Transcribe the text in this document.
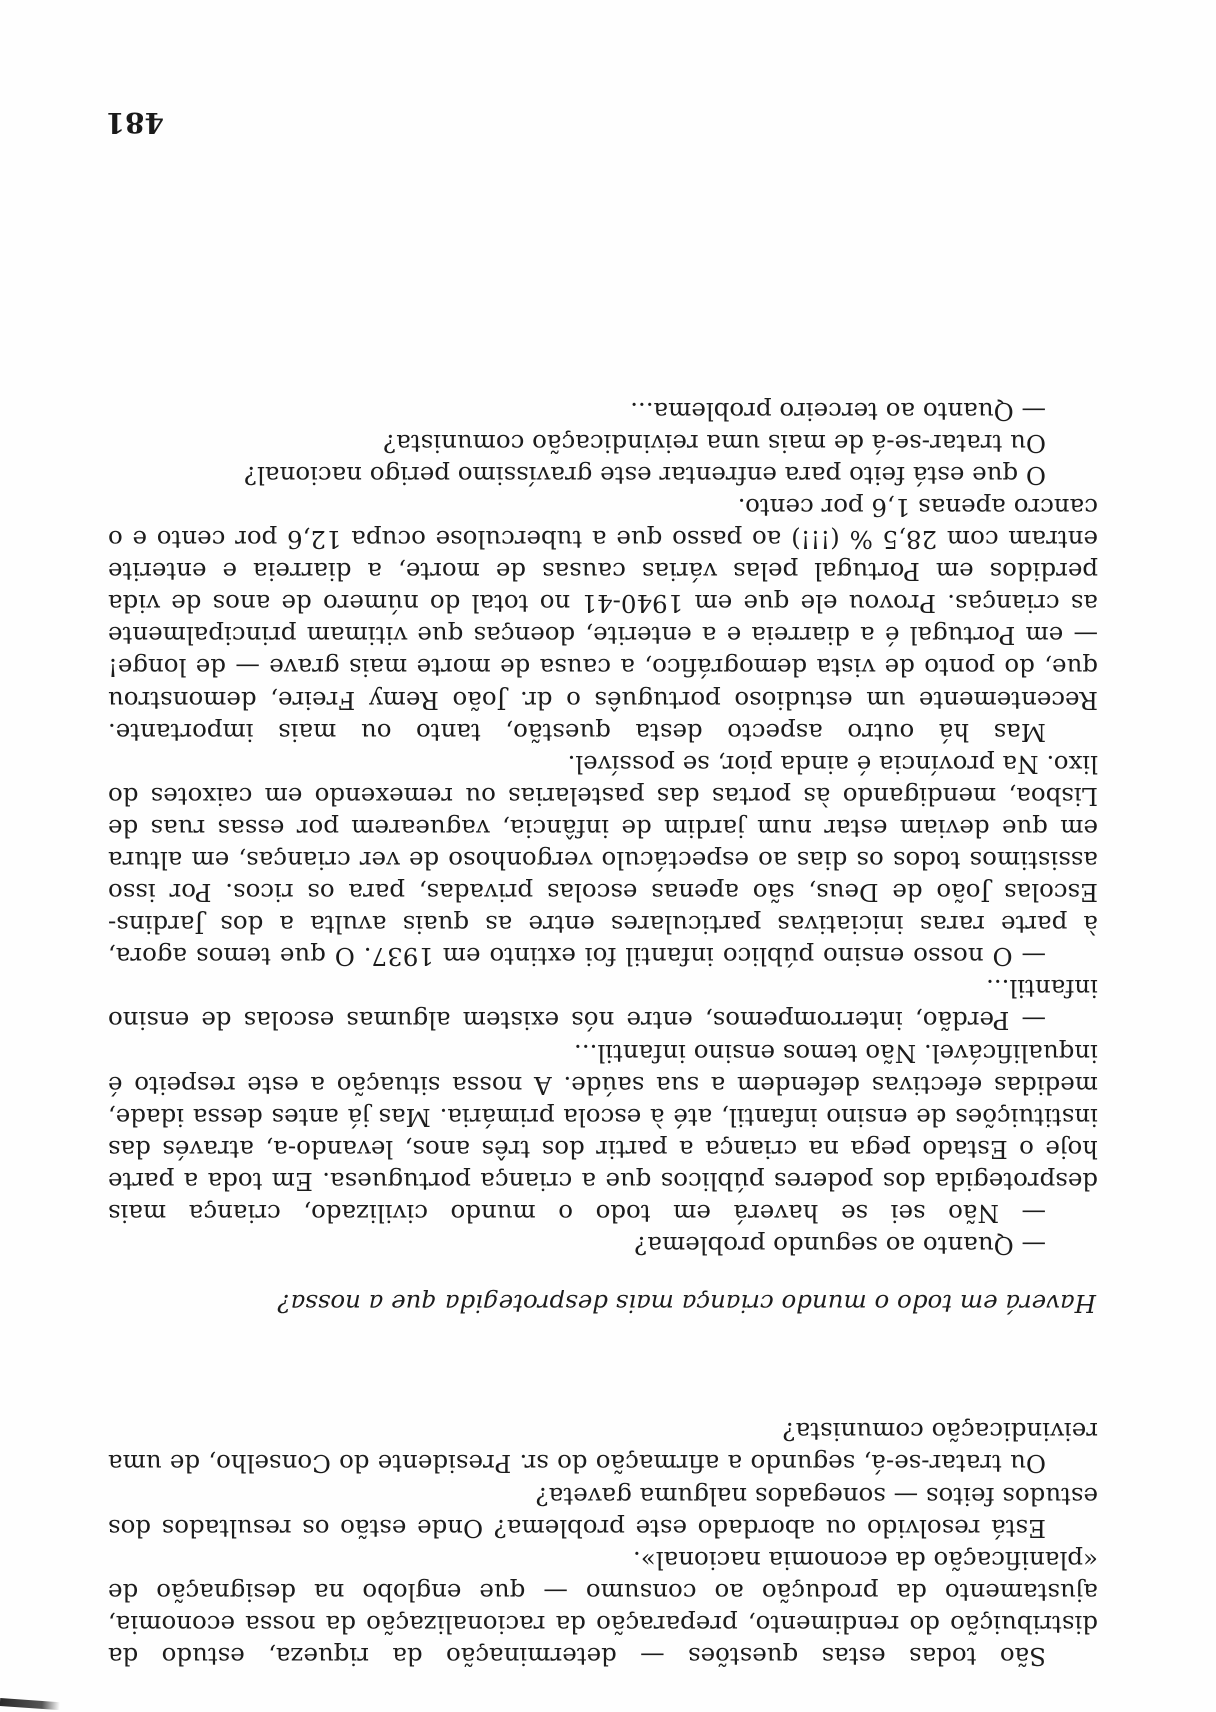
São todas estas questões — determinação da riqueza, estudo da distribuição do rendimento, preparação da racionalização da nossa economia, ajustamento da produção ao consumo — que englobo na designação de «planificação da economia nacional».

Está resolvido ou abordado este problema? Onde estão os resultados dos estudos feitos — sonegados nalguma gaveta?

Ou tratar-se-á, segundo a afirmação do sr. Presidente do Conselho, de uma reivindicação comunista?

Haverá em todo o mundo criança mais desprotegida que a nossa?

— Quanto ao segundo problema?

— Não sei se haverá em todo o mundo civilizado, criança mais desprotegida dos poderes públicos que a criança portuguesa. Em toda a parte hoje o Estado pega na criança a partir dos três anos, levando-a, através das instituições de ensino infantil, até à escola primária. Mas já antes dessa idade, medidas efectivas defendem a sua saúde. A nossa situação a este respeito é inqualificável. Não temos ensino infantil...

— Perdão, interrompemos, entre nós existem algumas escolas de ensino infantil...

— O nosso ensino público infantil foi extinto em 1937. O que temos agora, à parte raras iniciativas particulares entre as quais avulta a dos Jardins-Escolas João de Deus, são apenas escolas privadas, para os ricos. Por isso assistimos todos os dias ao espectáculo vergonhoso de ver crianças, em altura em que deviam estar num jardim de infância, vaguearem por essas ruas de Lisboa, mendigando às portas das pastelarias ou remexendo em caixotes do lixo. Na província é ainda pior, se possível.

Mas há outro aspecto desta questão, tanto ou mais importante. Recentemente um estudioso português o dr. João Remy Freire, demonstrou que, do ponto de vista demográfico, a causa de morte mais grave — de longe! — em Portugal é a diarreia e a enterite, doenças que vitimam principalmente as crianças. Provou ele que em 1940-41 no total do número de anos de vida perdidos em Portugal pelas várias causas de morte, a diarreia e enterite entram com 28,5 % (!!!) ao passo que a tuberculose ocupa 12,6 por cento e o cancro apenas 1,6 por cento.

O que está feito para enfrentar este gravíssimo perigo nacional?

Ou tratar-se-á de mais uma reivindicação comunista?

— Quanto ao terceiro problema...

481
